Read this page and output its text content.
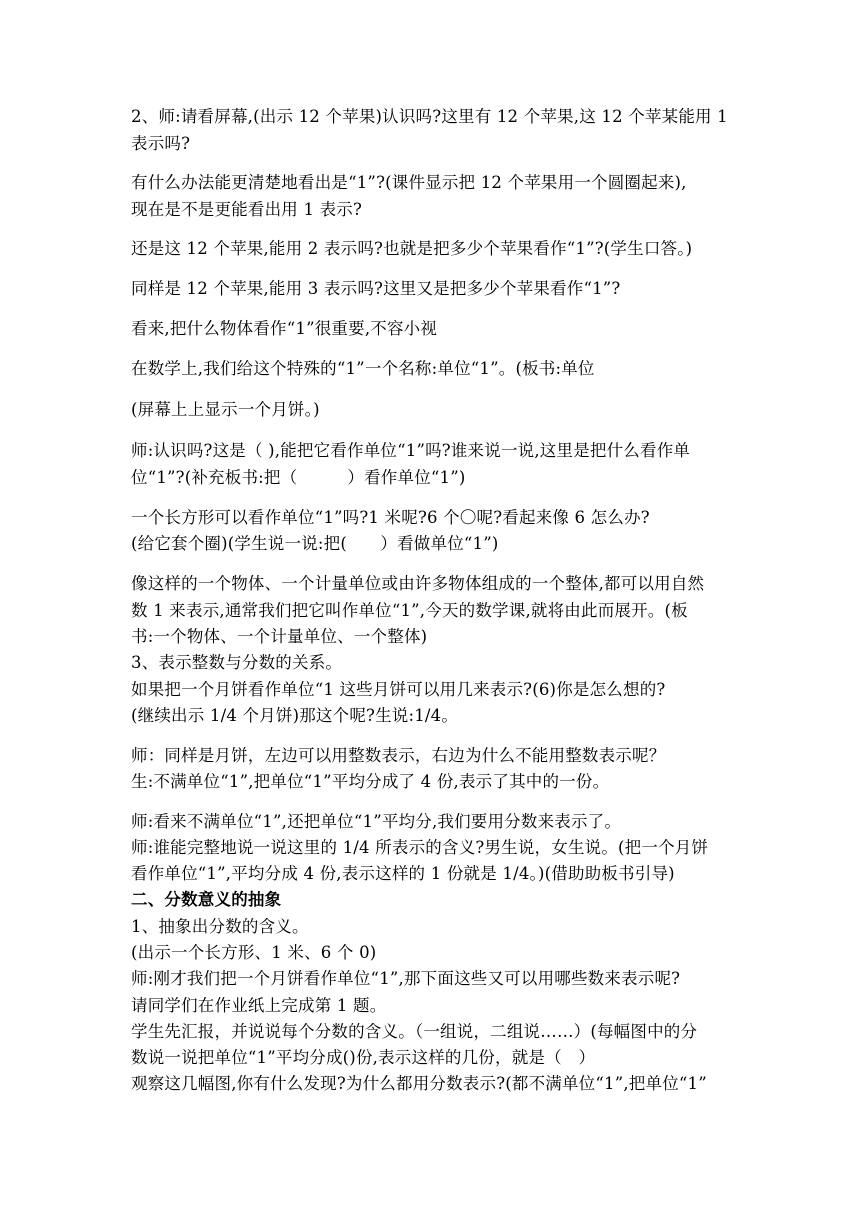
2、师:请看屏幕,(出示 12 个苹果)认识吗?这里有 12 个苹果,这 12 个苹某能用 1
表示吗?
有什么办法能更清楚地看出是“1”?(课件显示把 12 个苹果用一个圆圈起来),
现在是不是更能看出用 1 表示?
还是这 12 个苹果,能用 2 表示吗?也就是把多少个苹果看作“1”?(学生口答。)
同样是 12 个苹果,能用 3 表示吗?这里又是把多少个苹果看作“1”?
看来,把什么物体看作“1”很重要,不容小视
在数学上,我们给这个特殊的“1”一个名称:单位“1”。(板书:单位
(屏幕上上显示一个月饼。)
师:认识吗?这是（ ),能把它看作单位“1”吗?谁来说一说,这里是把什么看作单
位“1”?(补充板书:把（　　　）看作单位“1”)
一个长方形可以看作单位“1”吗?1 米呢?6 个〇呢?看起来像 6 怎么办?
(给它套个圈)(学生说一说:把(　　）看做单位“1”)
像这样的一个物体、一个计量单位或由许多物体组成的一个整体,都可以用自然
数 1 来表示,通常我们把它叫作单位“1”,今天的数学课,就将由此而展开。(板
书:一个物体、一个计量单位、一个整体)
3、表示整数与分数的关系。
如果把一个月饼看作单位“1 这些月饼可以用几来表示?(6)你是怎么想的?
(继续出示 1/4 个月饼)那这个呢?生说:1/4。
师：同样是月饼，左边可以用整数表示，右边为什么不能用整数表示呢？
生:不满单位“1”,把单位“1”平均分成了 4 份,表示了其中的一份。
师:看来不满单位“1”,还把单位“1”平均分,我们要用分数来表示了。
师:谁能完整地说一说这里的 1/4 所表示的含义?男生说，女生说。(把一个月饼
看作单位“1”,平均分成 4 份,表示这样的 1 份就是 1/4。)(借助助板书引导)
二、分数意义的抽象
1、抽象出分数的含义。
(出示一个长方形、1 米、6 个 0)
师:刚才我们把一个月饼看作单位“1”,那下面这些又可以用哪些数来表示呢?
请同学们在作业纸上完成第 1 题。
学生先汇报，并说说每个分数的含义。（一组说，二组说……）(每幅图中的分
数说一说把单位“1”平均分成()份,表示这样的几份，就是（　）
观察这几幅图,你有什么发现?为什么都用分数表示?(都不满单位“1”,把单位“1”
